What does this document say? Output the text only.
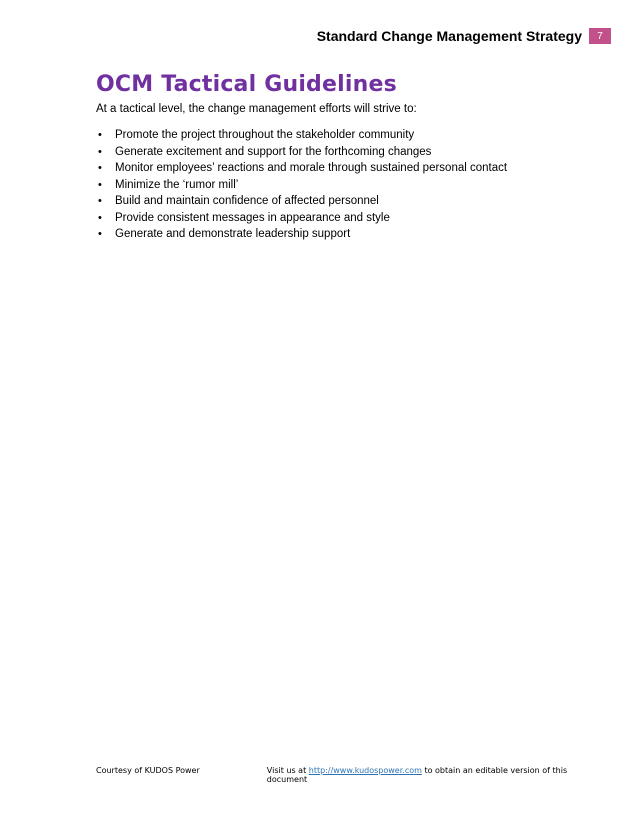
Standard Change Management Strategy	7
OCM Tactical Guidelines

At a tactical level, the change management efforts will strive to:

• Promote the project throughout the stakeholder community
• Generate excitement and support for the forthcoming changes
• Monitor employees’ reactions and morale through sustained personal contact
• Minimize the ‘rumor mill’
• Build and maintain confidence of affected personnel
• Provide consistent messages in appearance and style
• Generate and demonstrate leadership support
Courtesy of KUDOS Power	Visit us at http://www.kudospower.com to obtain an editable version of this document
